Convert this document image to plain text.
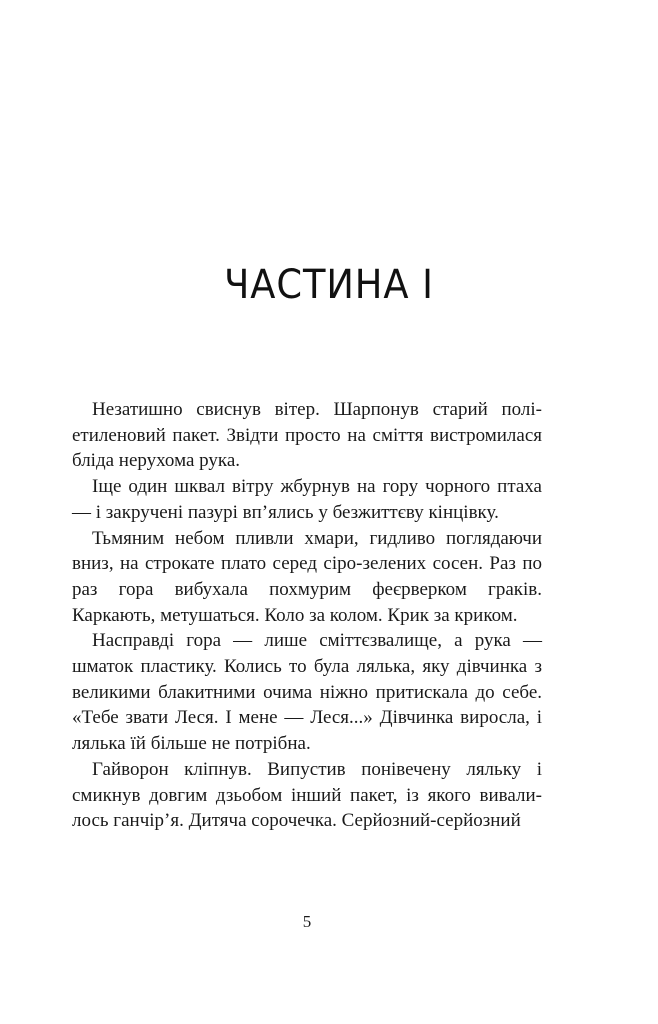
ЧАСТИНА І

Незатишно свиснув вітер. Шарпонув старий поліетиленовий пакет. Звідти просто на сміття вистромилася бліда нерухома рука.

Іще один шквал вітру жбурнув на гору чорного птаха — і закручені пазурі вп’ялись у безжиттєву кінцівку.

Тьмяним небом пливли хмари, гидливо поглядаючи вниз, на строкате плато серед сіро-зелених сосен. Раз по раз гора вибухала похмурим феєрверком граків. Каркають, метушаться. Коло за колом. Крик за криком.

Насправді гора — лише сміттєзвалище, а рука — шматок пластику. Колись то була лялька, яку дівчинка з великими блакитними очима ніжно притискала до себе. «Тебе звати Леся. І мене — Леся...» Дівчинка виросла, і лялька їй більше не потрібна.

Гайворон кліпнув. Випустив понівечену ляльку і смикнув довгим дзьобом інший пакет, із якого вивалилось ганчір’я. Дитяча сорочечка. Серйозний-серйозний

5
